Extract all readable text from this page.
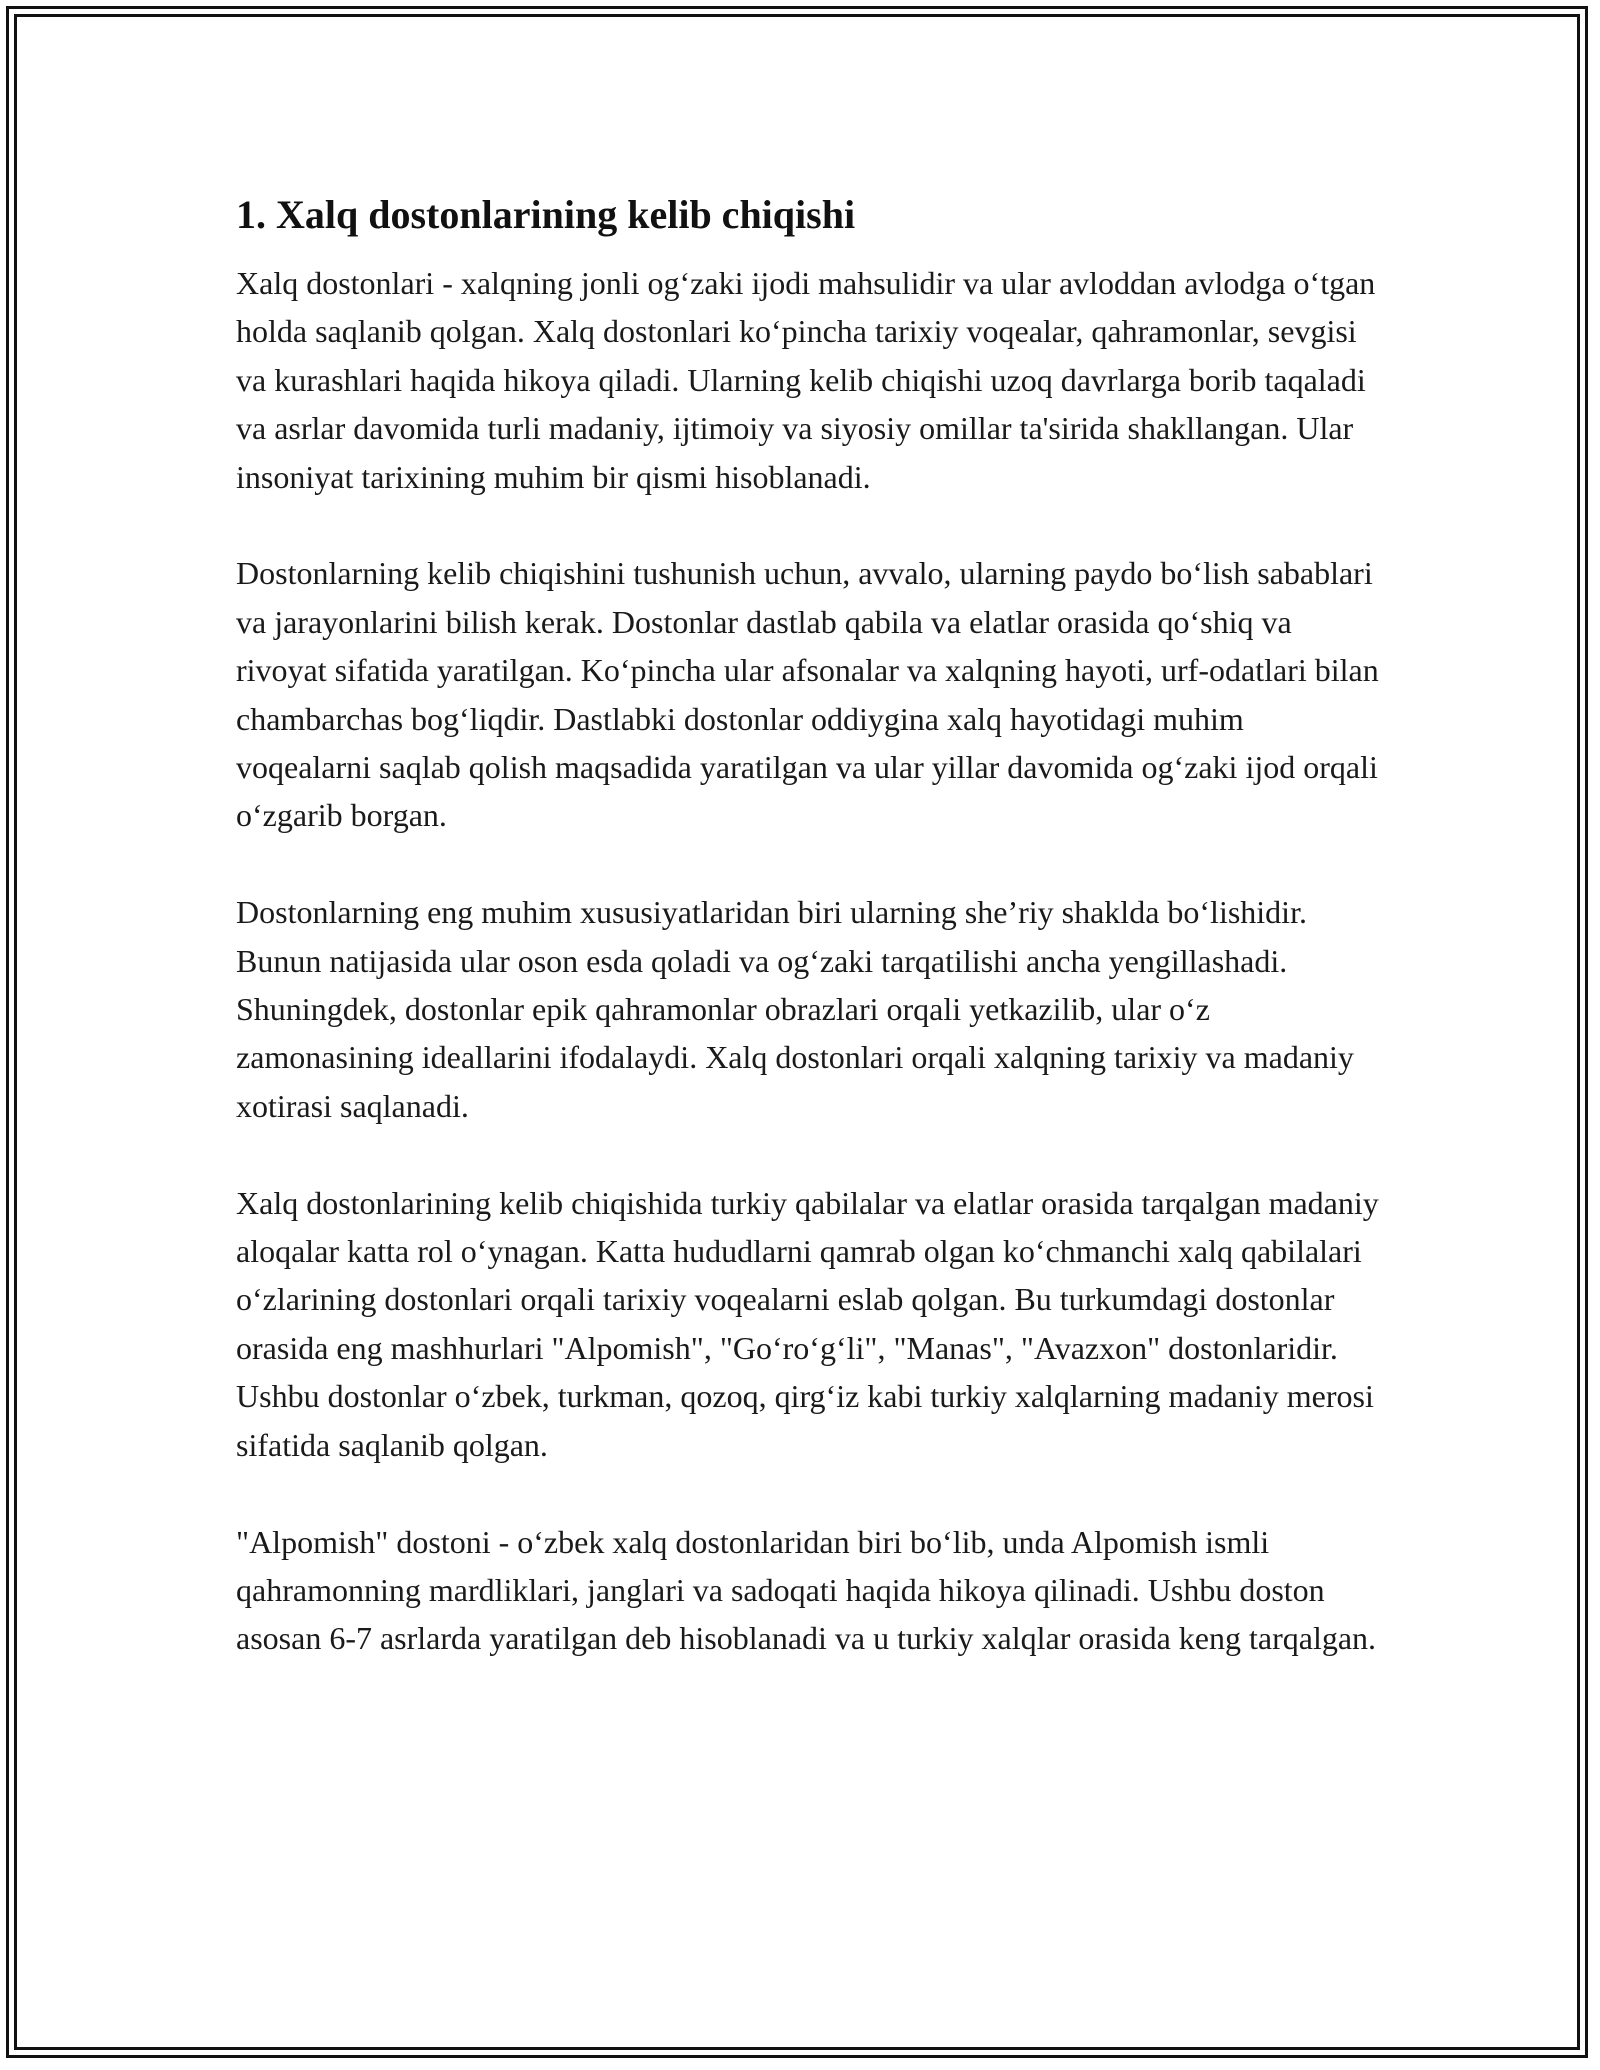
1. Xalq dostonlarining kelib chiqishi

Xalq dostonlari - xalqning jonli og‘zaki ijodi mahsulidir va ular avloddan avlodga o‘tgan holda saqlanib qolgan. Xalq dostonlari ko‘pincha tarixiy voqealar, qahramonlar, sevgisi va kurashlari haqida hikoya qiladi. Ularning kelib chiqishi uzoq davrlarga borib taqaladi va asrlar davomida turli madaniy, ijtimoiy va siyosiy omillar ta'sirida shakllangan. Ular insoniyat tarixining muhim bir qismi hisoblanadi.

Dostonlarning kelib chiqishini tushunish uchun, avvalo, ularning paydo bo‘lish sabablari va jarayonlarini bilish kerak. Dostonlar dastlab qabila va elatlar orasida qo‘shiq va rivoyat sifatida yaratilgan. Ko‘pincha ular afsonalar va xalqning hayoti, urf-odatlari bilan chambarchas bog‘liqdir. Dastlabki dostonlar oddiygina xalq hayotidagi muhim voqealarni saqlab qolish maqsadida yaratilgan va ular yillar davomida og‘zaki ijod orqali o‘zgarib borgan.

Dostonlarning eng muhim xususiyatlaridan biri ularning she’riy shaklda bo‘lishidir. Bunun natijasida ular oson esda qoladi va og‘zaki tarqatilishi ancha yengillashadi. Shuningdek, dostonlar epik qahramonlar obrazlari orqali yetkazilib, ular o‘z zamonasining ideallarini ifodalaydi. Xalq dostonlari orqali xalqning tarixiy va madaniy xotirasi saqlanadi.

Xalq dostonlarining kelib chiqishida turkiy qabilalar va elatlar orasida tarqalgan madaniy aloqalar katta rol o‘ynagan. Katta hududlarni qamrab olgan ko‘chmanchi xalq qabilalari o‘zlarining dostonlari orqali tarixiy voqealarni eslab qolgan. Bu turkumdagi dostonlar orasida eng mashhurlari "Alpomish", "Go‘ro‘g‘li", "Manas", "Avazxon" dostonlaridir. Ushbu dostonlar o‘zbek, turkman, qozoq, qirg‘iz kabi turkiy xalqlarning madaniy merosi sifatida saqlanib qolgan.

"Alpomish" dostoni - o‘zbek xalq dostonlaridan biri bo‘lib, unda Alpomish ismli qahramonning mardliklari, janglari va sadoqati haqida hikoya qilinadi. Ushbu doston asosan 6-7 asrlarda yaratilgan deb hisoblanadi va u turkiy xalqlar orasida keng tarqalgan.
